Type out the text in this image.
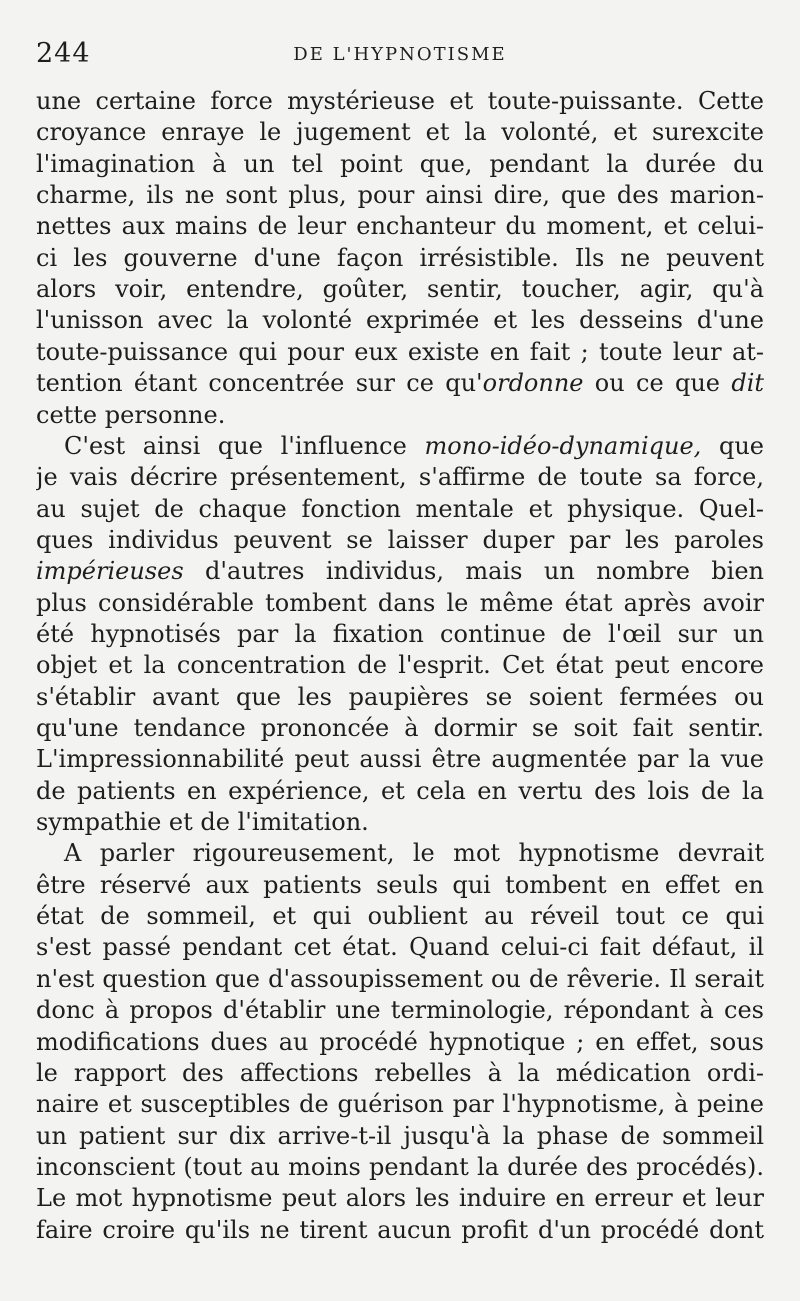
244	DE L'HYPNOTISME
une certaine force mystérieuse et toute-puissante. Cette
croyance enraye le jugement et la volonté, et surexcite
l'imagination à un tel point que, pendant la durée du
charme, ils ne sont plus, pour ainsi dire, que des marion-
nettes aux mains de leur enchanteur du moment, et celui-
ci les gouverne d'une façon irrésistible. Ils ne peuvent
alors voir, entendre, goûter, sentir, toucher, agir, qu'à
l'unisson avec la volonté exprimée et les desseins d'une
toute-puissance qui pour eux existe en fait ; toute leur at-
tention étant concentrée sur ce qu'ordonne ou ce que dit
cette personne.
C'est ainsi que l'influence mono-idéo-dynamique, que
je vais décrire présentement, s'affirme de toute sa force,
au sujet de chaque fonction mentale et physique. Quel-
ques individus peuvent se laisser duper par les paroles
impérieuses d'autres individus, mais un nombre bien
plus considérable tombent dans le même état après avoir
été hypnotisés par la fixation continue de l'œil sur un
objet et la concentration de l'esprit. Cet état peut encore
s'établir avant que les paupières se soient fermées ou
qu'une tendance prononcée à dormir se soit fait sentir.
L'impressionnabilité peut aussi être augmentée par la vue
de patients en expérience, et cela en vertu des lois de la
sympathie et de l'imitation.
A parler rigoureusement, le mot hypnotisme devrait
être réservé aux patients seuls qui tombent en effet en
état de sommeil, et qui oublient au réveil tout ce qui
s'est passé pendant cet état. Quand celui-ci fait défaut, il
n'est question que d'assoupissement ou de rêverie. Il serait
donc à propos d'établir une terminologie, répondant à ces
modifications dues au procédé hypnotique ; en effet, sous
le rapport des affections rebelles à la médication ordi-
naire et susceptibles de guérison par l'hypnotisme, à peine
un patient sur dix arrive-t-il jusqu'à la phase de sommeil
inconscient (tout au moins pendant la durée des procédés).
Le mot hypnotisme peut alors les induire en erreur et leur
faire croire qu'ils ne tirent aucun profit d'un procédé dont
